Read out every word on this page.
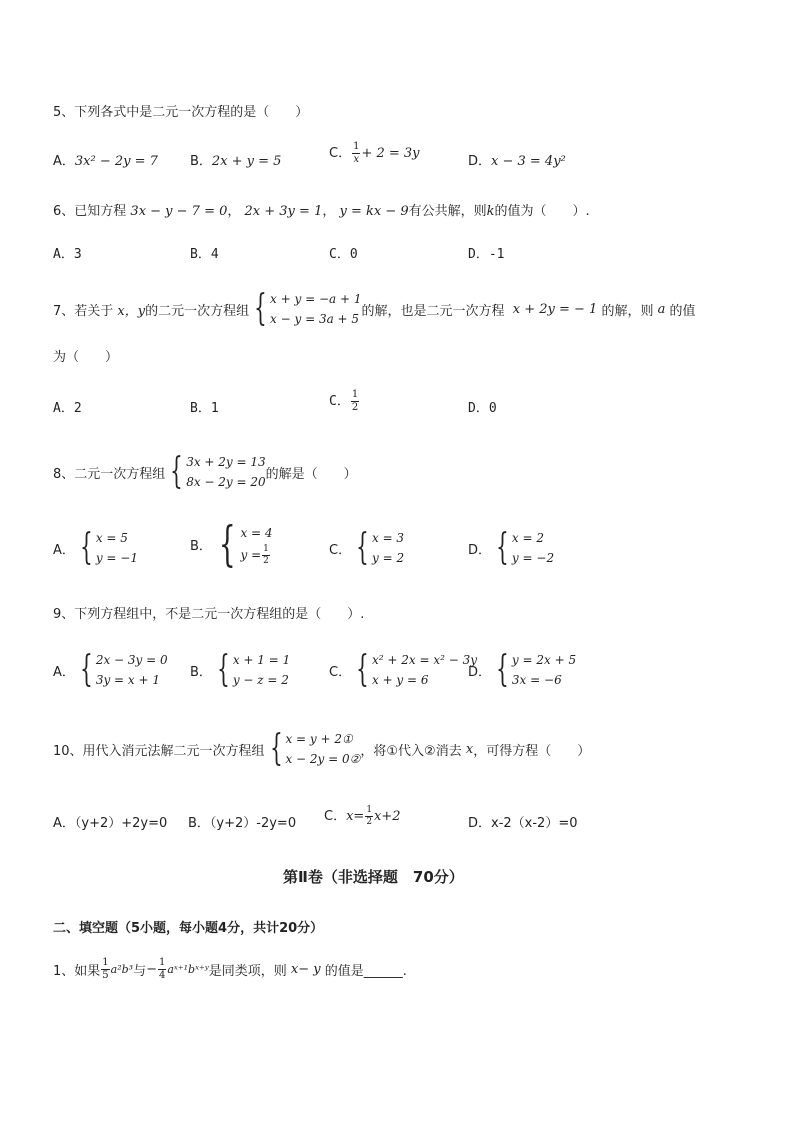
5、下列各式中是二元一次方程的是（　　）
A．3x² − 2y = 7 B．2x + y = 5
C． $\frac{1}{x} + 2 = 3y$
D．x − 3 = 4y²
6、已知方程 3x − y − 7 = 0， 2x + 3y = 1， y = kx − 9有公共解，则k的值为（　　）.
A．3	B．4	C．0	D．-1
7、若关于
x，y 的二元一次方程组 { x + y = −a + 1
x − y = 3a + 5
的解，也是二元一次方程
x + 2y = − 1
的解，则
a
的值
为（　　）
A．2	B．1	C． $\frac{1}{2}$	D．0
8、二元一次方程组 { 3x + 2y = 13
8x − 2y = 20
的解是（　　）
A． { x = 5
y = −1
B． { x = 4
$y = \frac{1}{2}$	C． { x = 3
y = 2
D． { x = 2
y = −2
9、下列方程组中，不是二元一次方程组的是（　　）.
A． { 2x − 3y = 0
3y = x + 1
B． { x + 1 = 1
y − z = 2
C． { x² + 2x = x² − 3y
x + y = 6
D． { y = 2x + 5
3x = −6
10、用代入消元法解二元一次方程组 { x = y + 2①
x − 2y = 0②
，将①代入②消去
x ，可得方程（　　）
A．（y+2）+2y=0 B．（y+2）-2y=0 C．$x= \frac{1}{2} x+2$	D．x-2（x-2）=0
第Ⅱ卷（非选择题　70分）
二、填空题（5小题，每小题4分，共计20分）
1、如果 $\frac{1}{5} a^2b^3$ 与 − $\frac{1}{4}$ aˣ⁺¹bˣ⁺ʸ 是同类项，则
x− y
的值是______.
